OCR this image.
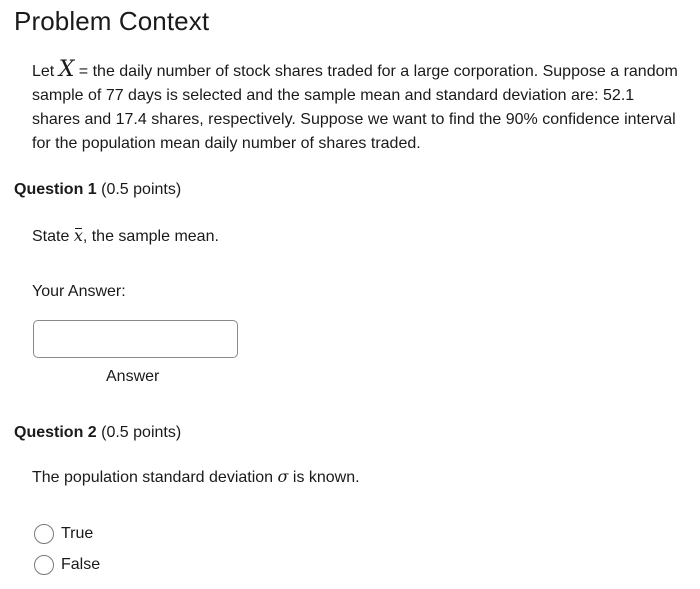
Problem Context

Let X = the daily number of stock shares traded for a large corporation. Suppose a random sample of 77 days is selected and the sample mean and standard deviation are: 52.1 shares and 17.4 shares, respectively. Suppose we want to find the 90% confidence interval for the population mean daily number of shares traded.

Question 1 (0.5 points)
State x, the sample mean.
Your Answer:
Answer
Question 2 (0.5 points)
The population standard deviation σ is known.
True
False
